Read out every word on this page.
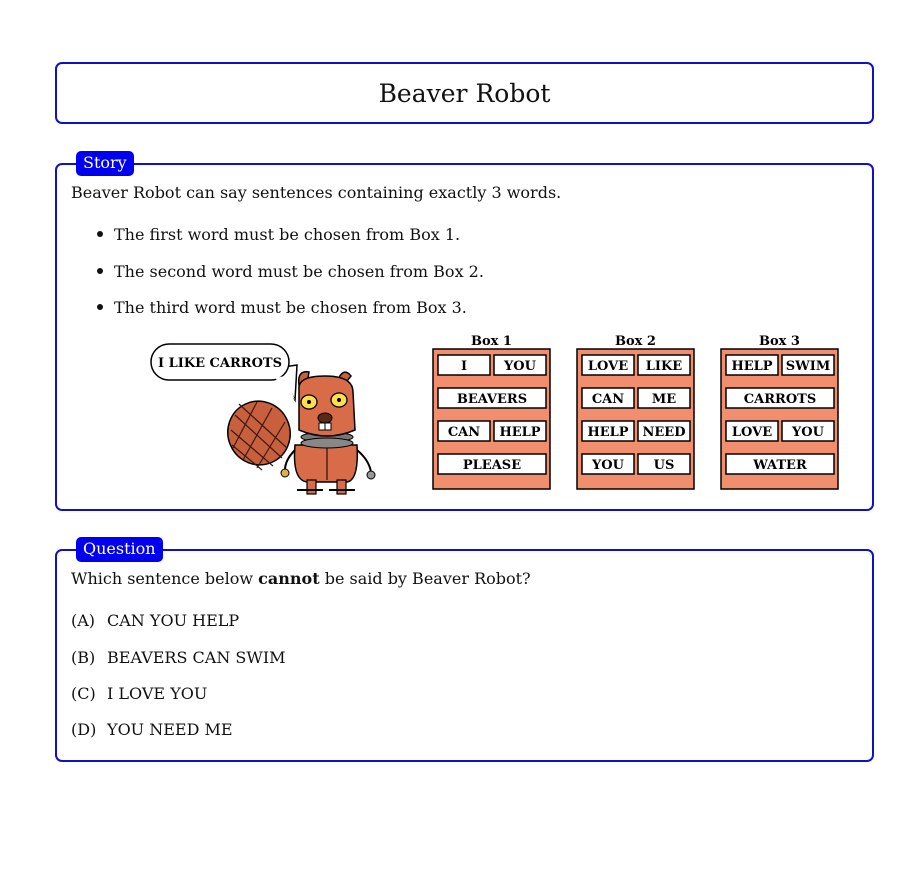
Beaver Robot
Story
Beaver Robot can say sentences containing exactly 3 words.
The first word must be chosen from Box 1.
The second word must be chosen from Box 2.
The third word must be chosen from Box 3.
I LIKE CARROTS
Box 1
I	YOU
BEAVERS
CAN HELP
PLEASE
Box 2
LOVE LIKE
CAN ME
HELP NEED
YOU US
Box 3
HELP SWIM
CARROTS
LOVE YOU
WATER
Question
Which sentence below cannot be said by Beaver Robot?
(A) CAN YOU HELP
(B) BEAVERS CAN SWIM
(C) I LOVE YOU
(D) YOU NEED ME
